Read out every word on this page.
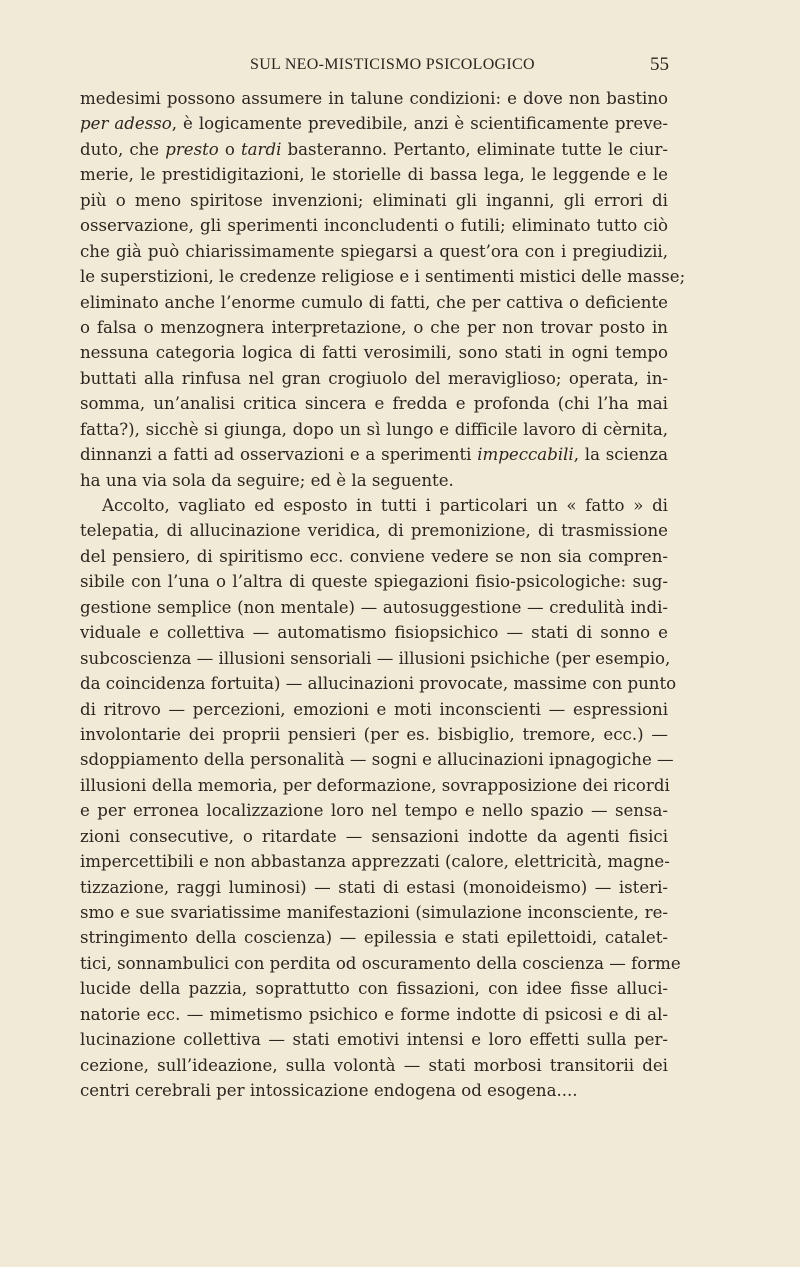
SUL NEO-MISTICISMO PSICOLOGICO	55
medesimi possono assumere in talune condizioni: e dove non bastino
per adesso, è logicamente prevedibile, anzi è scientificamente preve-
duto, che presto o tardi basteranno. Pertanto, eliminate tutte le ciur-
merie, le prestidigitazioni, le storielle di bassa lega, le leggende e le
più o meno spiritose invenzioni; eliminati gli inganni, gli errori di
osservazione, gli sperimenti inconcludenti o futili; eliminato tutto ciò
che già può chiarissimamente spiegarsi a quest’ora con i pregiudizii,
le superstizioni, le credenze religiose e i sentimenti mistici delle masse;
eliminato anche l’enorme cumulo di fatti, che per cattiva o deficiente
o falsa o menzognera interpretazione, o che per non trovar posto in
nessuna categoria logica di fatti verosimili, sono stati in ogni tempo
buttati alla rinfusa nel gran crogiuolo del meraviglioso; operata, in-
somma, un’analisi critica sincera e fredda e profonda (chi l’ha mai
fatta?), sicchè si giunga, dopo un sì lungo e difficile lavoro di cèrnita,
dinnanzi a fatti ad osservazioni e a sperimenti impeccabili, la scienza
ha una via sola da seguire; ed è la seguente.
Accolto, vagliato ed esposto in tutti i particolari un « fatto » di
telepatia, di allucinazione veridica, di premonizione, di trasmissione
del pensiero, di spiritismo ecc. conviene vedere se non sia compren-
sibile con l’una o l’altra di queste spiegazioni fisio-psicologiche: sug-
gestione semplice (non mentale) — autosuggestione — credulità indi-
viduale e collettiva — automatismo fisiopsichico — stati di sonno e
subcoscienza — illusioni sensoriali — illusioni psichiche (per esempio,
da coincidenza fortuita) — allucinazioni provocate, massime con punto
di ritrovo — percezioni, emozioni e moti inconscienti — espressioni
involontarie dei proprii pensieri (per es. bisbiglio, tremore, ecc.) —
sdoppiamento della personalità — sogni e allucinazioni ipnagogiche —
illusioni della memoria, per deformazione, sovrapposizione dei ricordi
e per erronea localizzazione loro nel tempo e nello spazio — sensa-
zioni consecutive, o ritardate — sensazioni indotte da agenti fisici
impercettibili e non abbastanza apprezzati (calore, elettricità, magne-
tizzazione, raggi luminosi) — stati di estasi (monoideismo) — isteri-
smo e sue svariatissime manifestazioni (simulazione inconsciente, re-
stringimento della coscienza) — epilessia e stati epilettoidi, catalet-
tici, sonnambulici con perdita od oscuramento della coscienza — forme
lucide della pazzia, soprattutto con fissazioni, con idee fisse alluci-
natorie ecc. — mimetismo psichico e forme indotte di psicosi e di al-
lucinazione collettiva — stati emotivi intensi e loro effetti sulla per-
cezione, sull’ideazione, sulla volontà — stati morbosi transitorii dei
centri cerebrali per intossicazione endogena od esogena....
